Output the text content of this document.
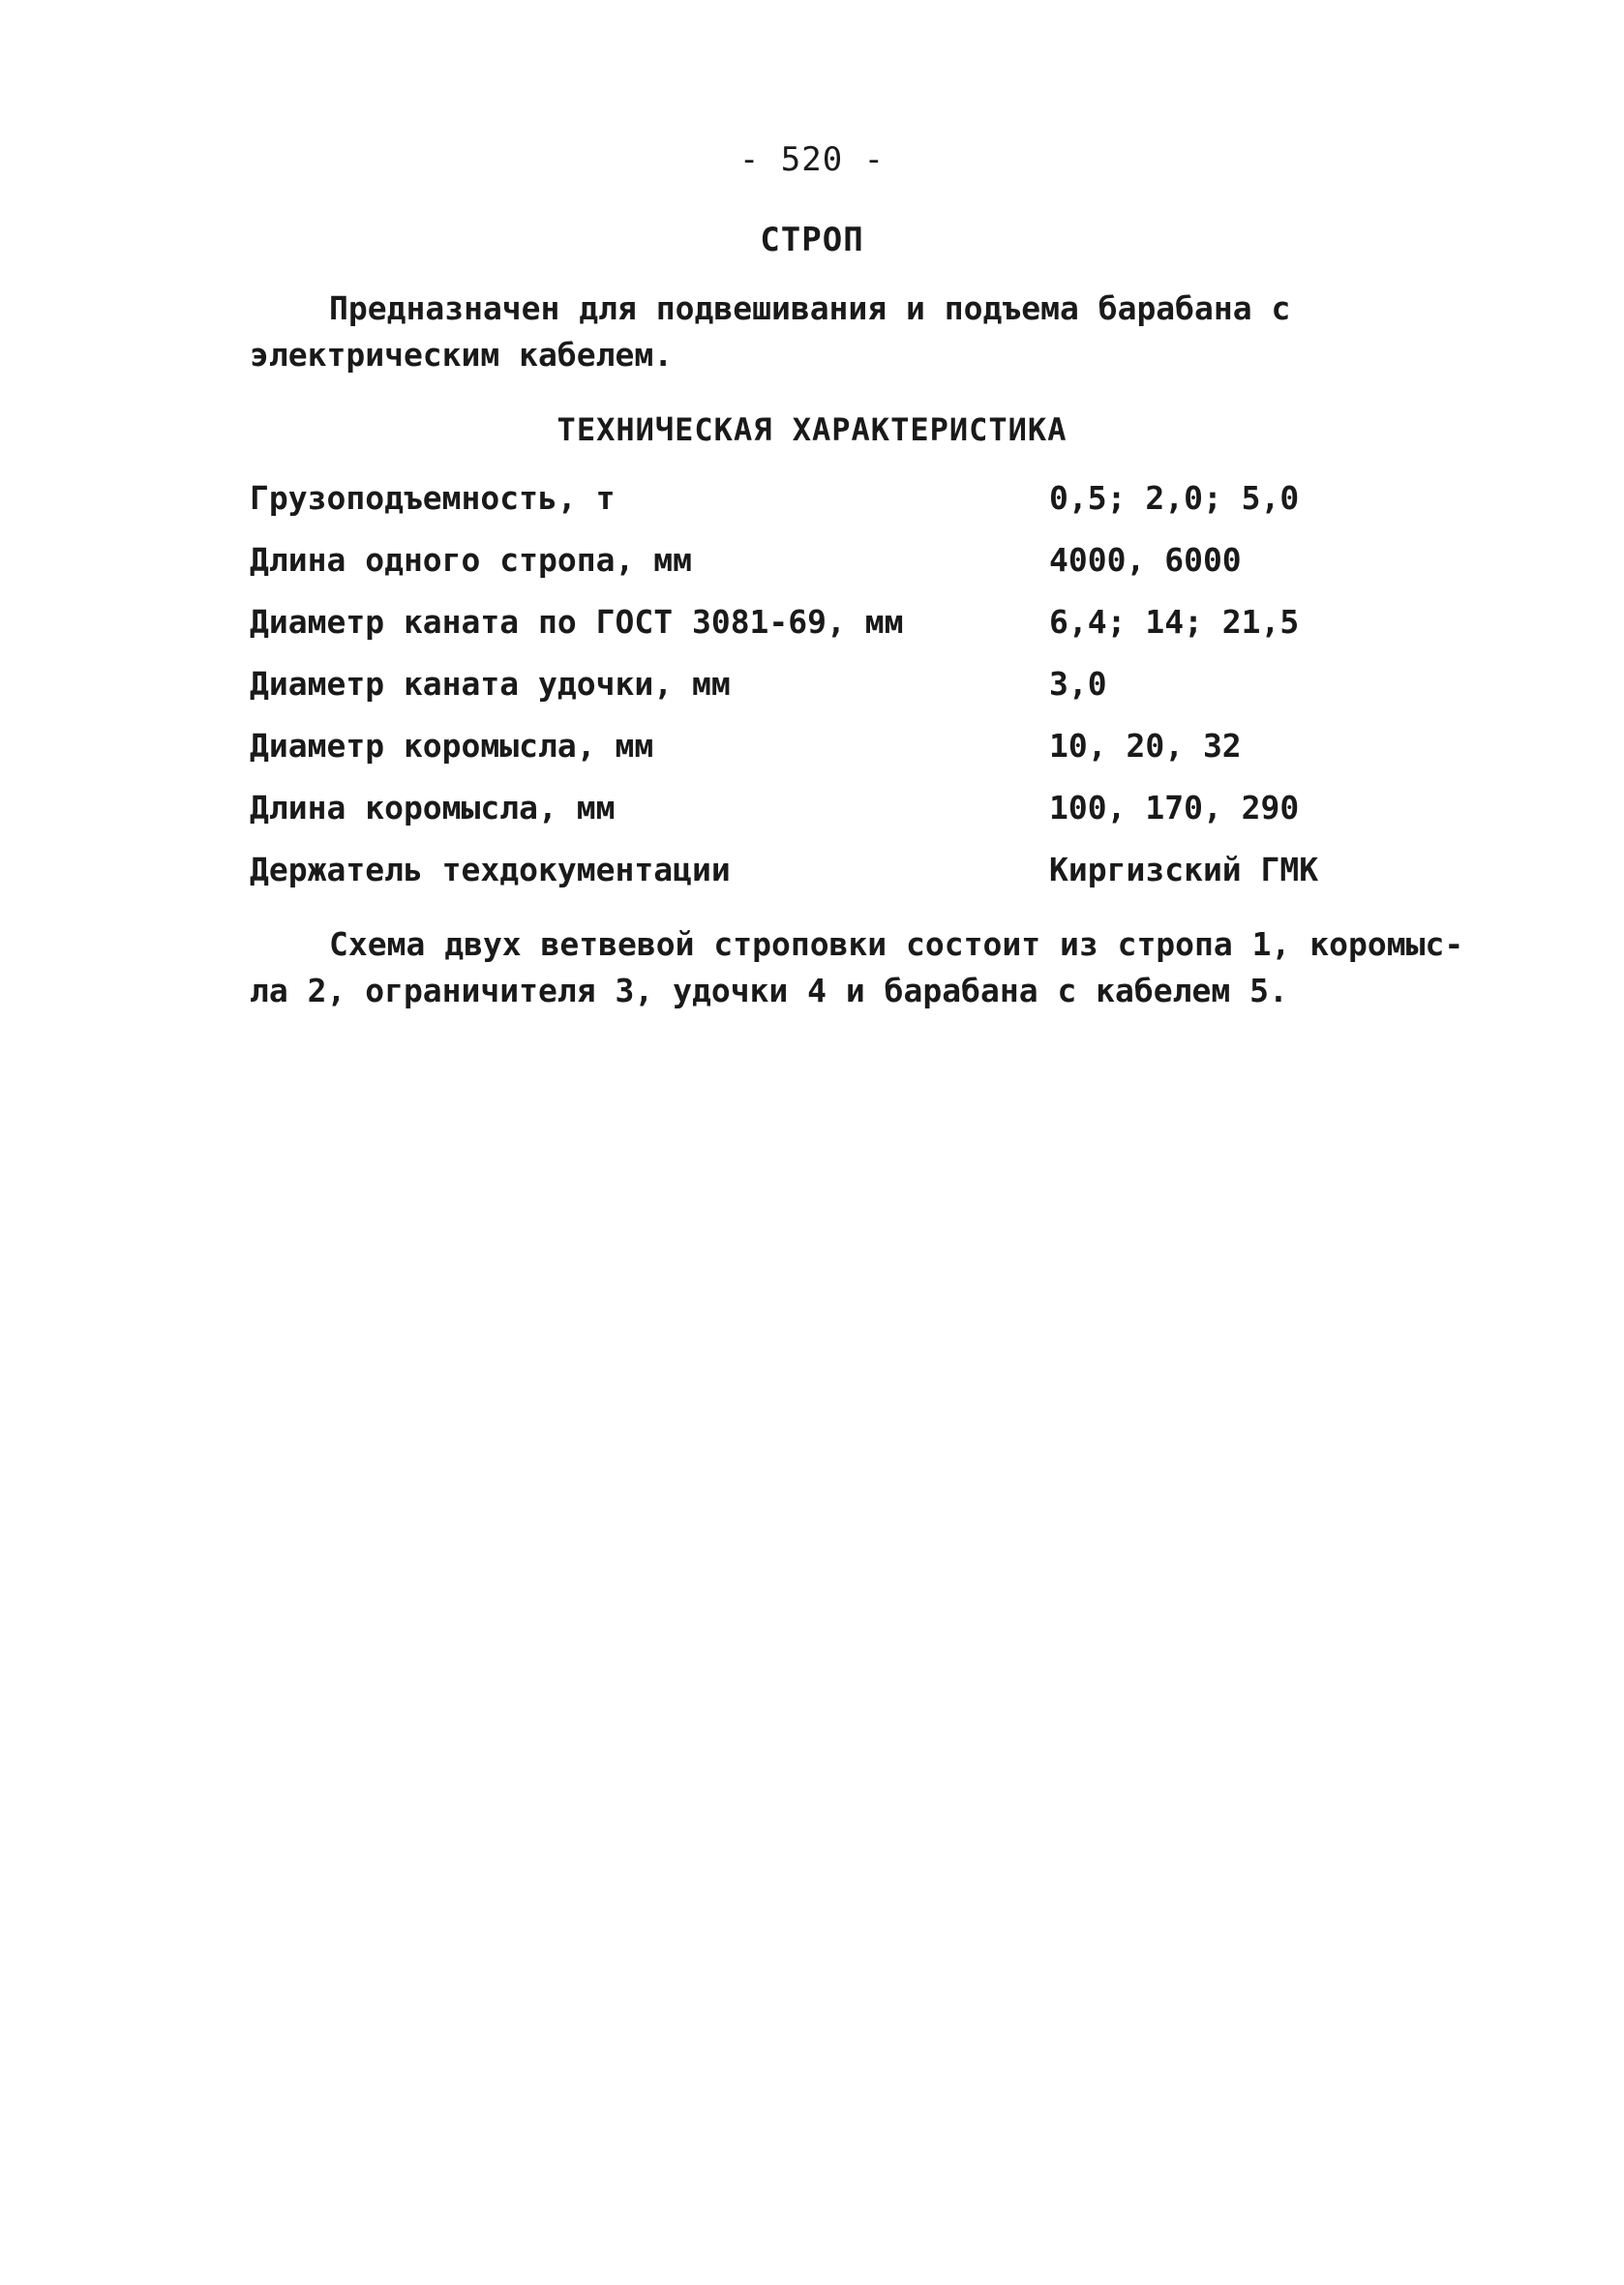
- 520 -
СТРОП
Предназначен для подвешивания и подъема барабана с
электрическим кабелем.
ТЕХНИЧЕСКАЯ ХАРАКТЕРИСТИКА
Грузоподъемность, т	0,5; 2,0; 5,0
Длина одного стропа, мм	4000, 6000
Диаметр каната по ГОСТ 3081-69, мм	6,4; 14; 21,5
Диаметр каната удочки, мм	3,0
Диаметр коромысла, мм	10, 20, 32
Длина коромысла, мм	100, 170, 290
Держатель техдокументации	Киргизский ГМК
Схема двух ветвевой строповки состоит из стропа 1, коромыс-
ла 2, ограничителя 3, удочки 4 и барабана с кабелем 5.
